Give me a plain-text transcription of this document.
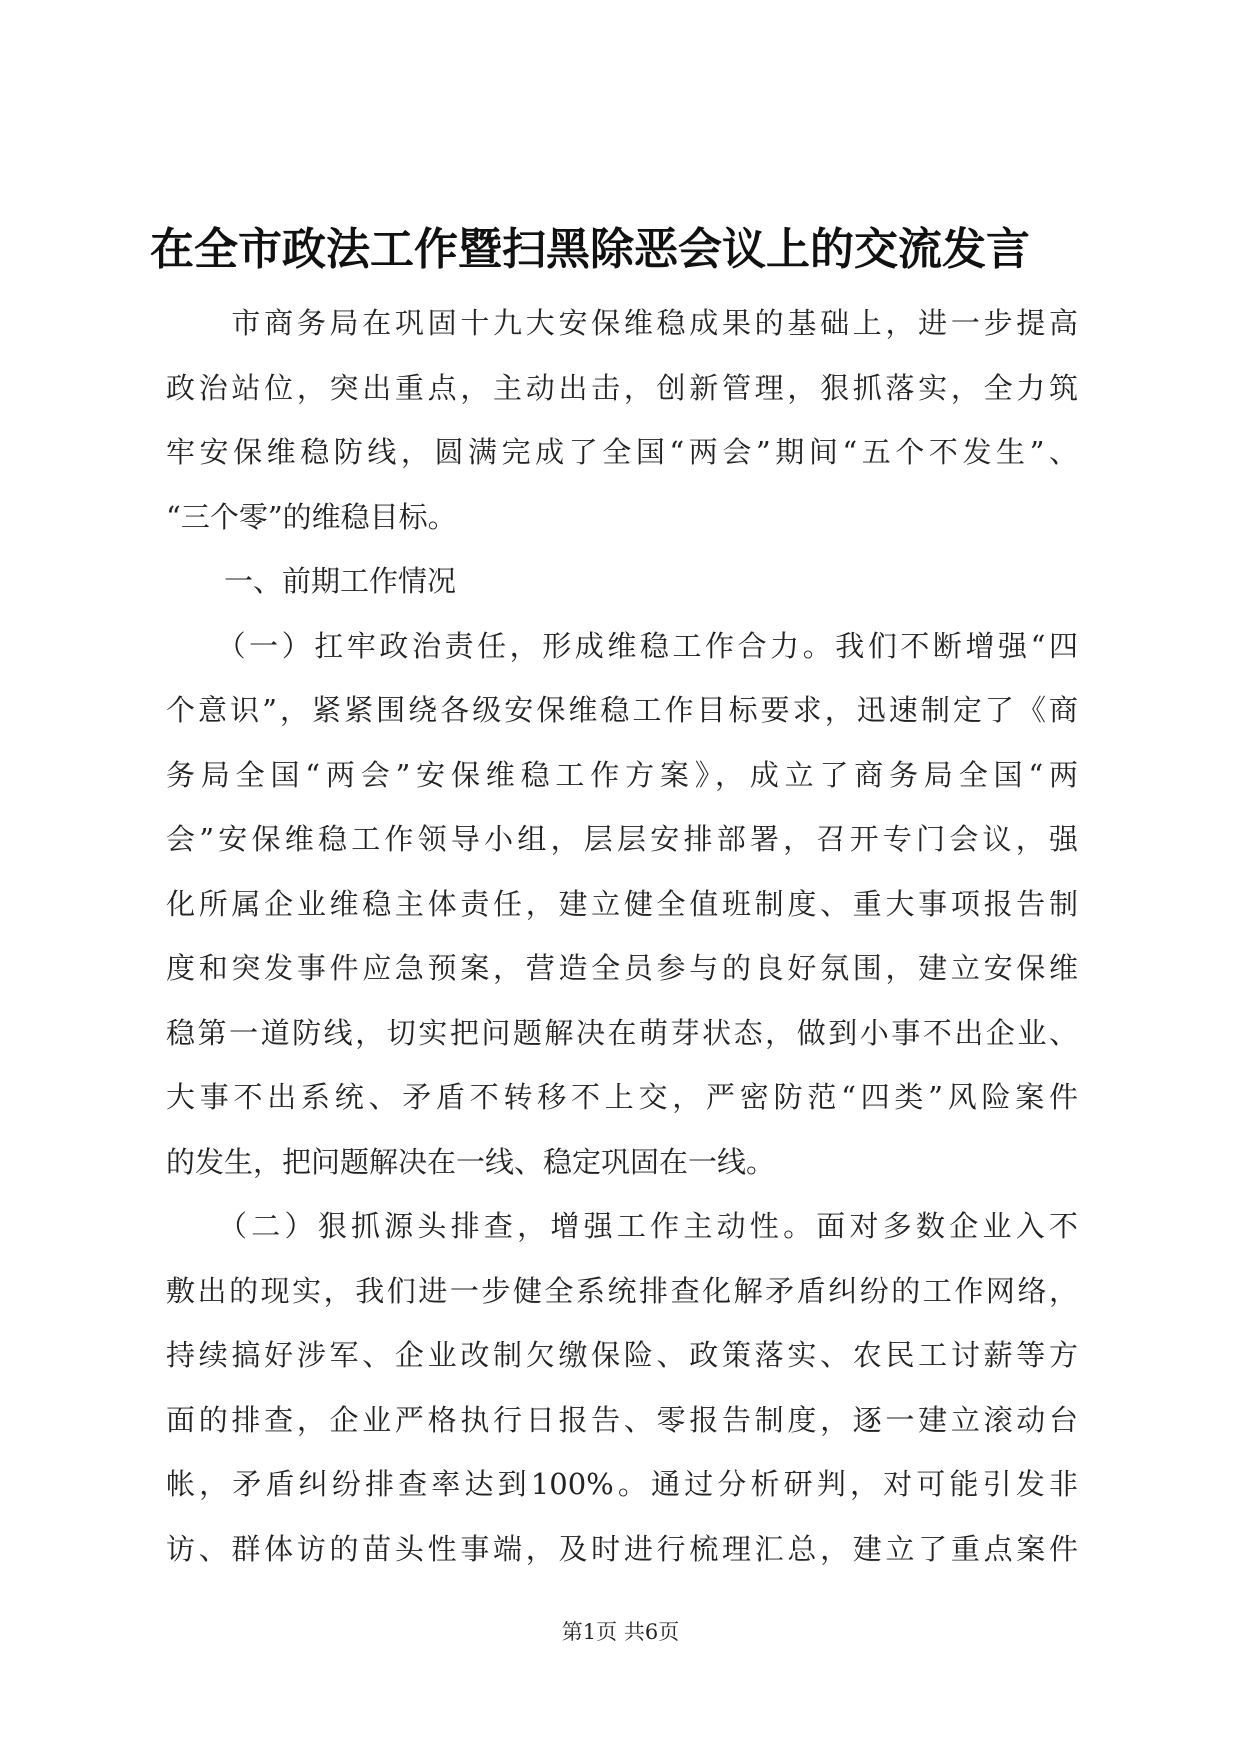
在全市政法工作暨扫黑除恶会议上的交流发言
　　市商务局在巩固十九大安保维稳成果的基础上，进一步提高
政治站位，突出重点，主动出击，创新管理，狠抓落实，全力筑
牢安保维稳防线，圆满完成了全国“两会”期间“五个不发生”、
“三个零”的维稳目标。
　　一、前期工作情况
　　（一）扛牢政治责任，形成维稳工作合力。我们不断增强“四
个意识”，紧紧围绕各级安保维稳工作目标要求，迅速制定了《商
务局全国“两会”安保维稳工作方案》，成立了商务局全国“两
会”安保维稳工作领导小组，层层安排部署，召开专门会议，强
化所属企业维稳主体责任，建立健全值班制度、重大事项报告制
度和突发事件应急预案，营造全员参与的良好氛围，建立安保维
稳第一道防线，切实把问题解决在萌芽状态，做到小事不出企业、
大事不出系统、矛盾不转移不上交，严密防范“四类”风险案件
的发生，把问题解决在一线、稳定巩固在一线。
　　（二）狠抓源头排查，增强工作主动性。面对多数企业入不
敷出的现实，我们进一步健全系统排查化解矛盾纠纷的工作网络，
持续搞好涉军、企业改制欠缴保险、政策落实、农民工讨薪等方
面的排查，企业严格执行日报告、零报告制度，逐一建立滚动台
帐，矛盾纠纷排查率达到100%。通过分析研判，对可能引发非
访、群体访的苗头性事端，及时进行梳理汇总，建立了重点案件
第1页 共6页
